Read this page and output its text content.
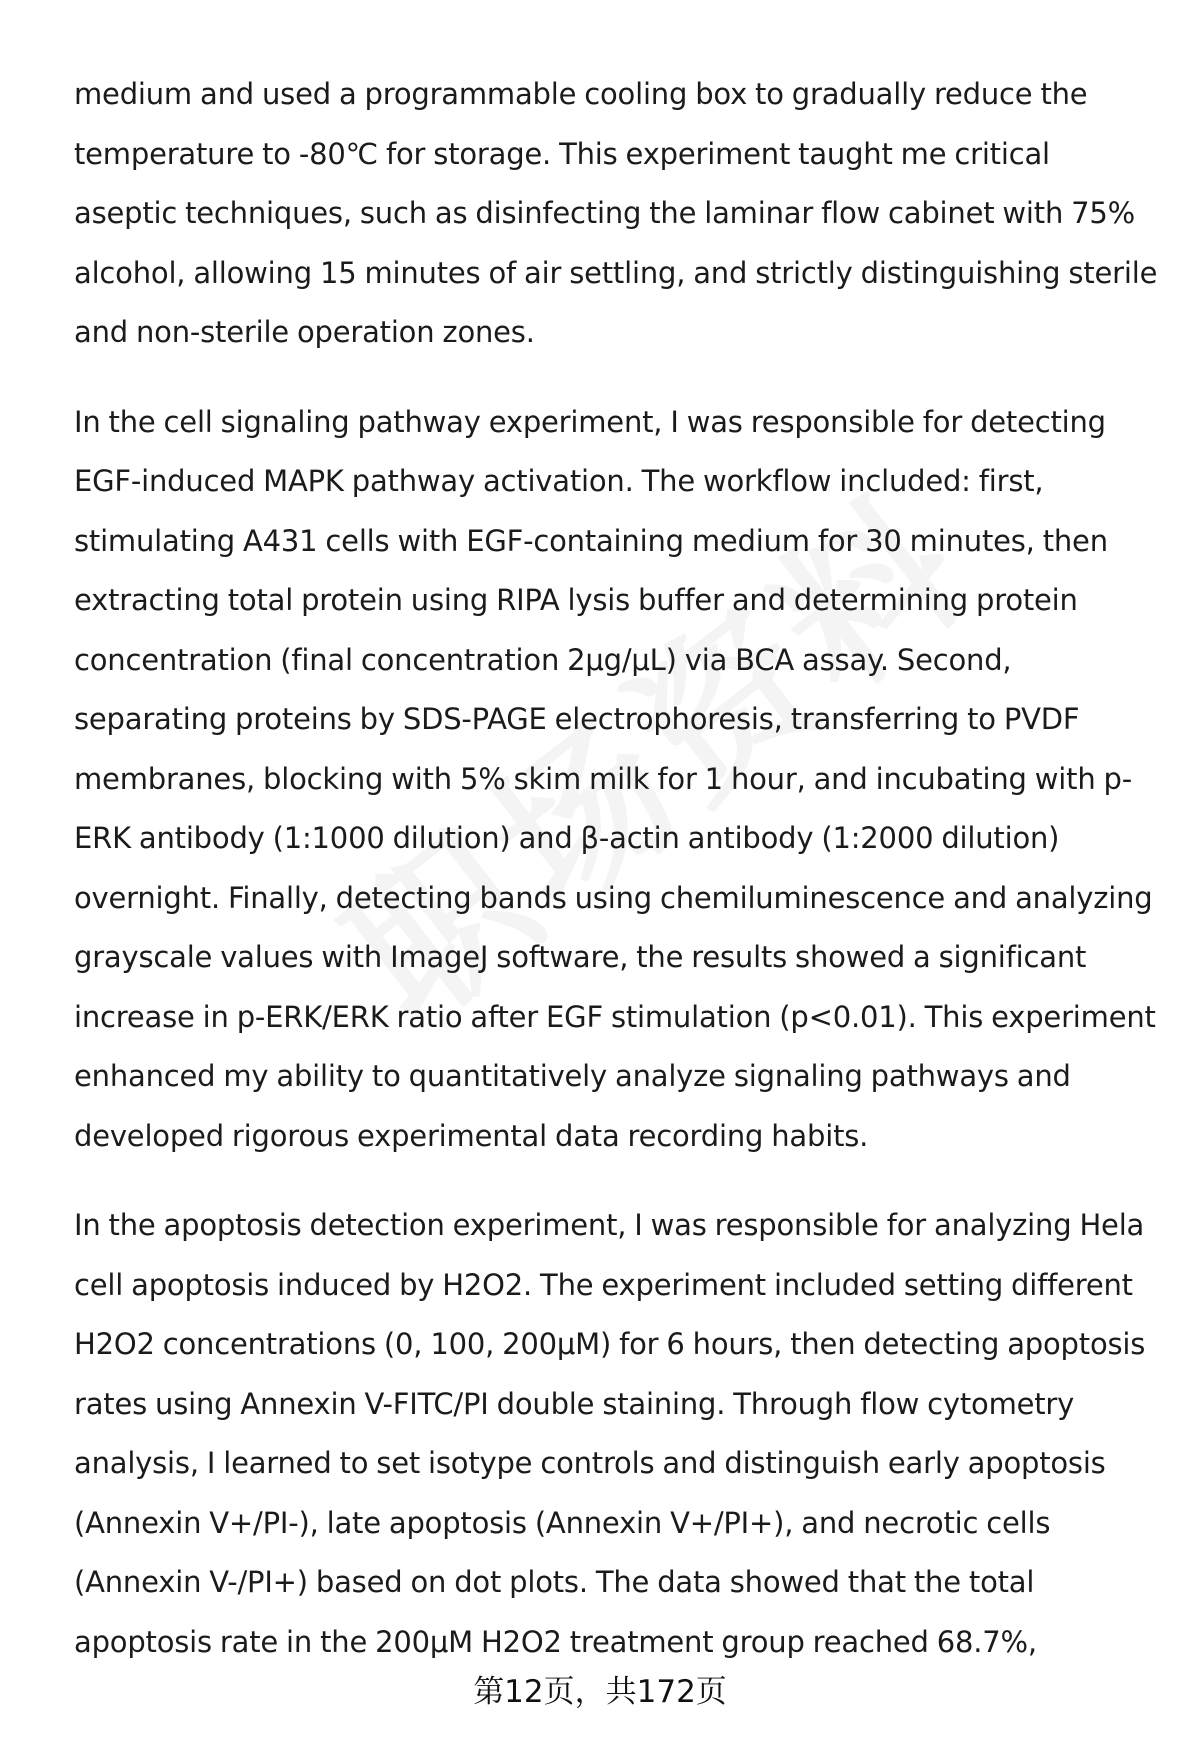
medium and used a programmable cooling box to gradually reduce the temperature to -80℃ for storage. This experiment taught me critical aseptic techniques, such as disinfecting the laminar flow cabinet with 75% alcohol, allowing 15 minutes of air settling, and strictly distinguishing sterile and non-sterile operation zones.

In the cell signaling pathway experiment, I was responsible for detecting EGF-induced MAPK pathway activation. The workflow included: first, stimulating A431 cells with EGF-containing medium for 30 minutes, then extracting total protein using RIPA lysis buffer and determining protein concentration (final concentration 2μg/μL) via BCA assay. Second, separating proteins by SDS-PAGE electrophoresis, transferring to PVDF membranes, blocking with 5% skim milk for 1 hour, and incubating with p-ERK antibody (1:1000 dilution) and β-actin antibody (1:2000 dilution) overnight. Finally, detecting bands using chemiluminescence and analyzing grayscale values with ImageJ software, the results showed a significant increase in p-ERK/ERK ratio after EGF stimulation (p<0.01). This experiment enhanced my ability to quantitatively analyze signaling pathways and developed rigorous experimental data recording habits.

In the apoptosis detection experiment, I was responsible for analyzing Hela cell apoptosis induced by H2O2. The experiment included setting different H2O2 concentrations (0, 100, 200μM) for 6 hours, then detecting apoptosis rates using Annexin V-FITC/PI double staining. Through flow cytometry analysis, I learned to set isotype controls and distinguish early apoptosis (Annexin V+/PI-), late apoptosis (Annexin V+/PI+), and necrotic cells (Annexin V-/PI+) based on dot plots. The data showed that the total apoptosis rate in the 200μM H2O2 treatment group reached 68.7%,

第12页，共172页
